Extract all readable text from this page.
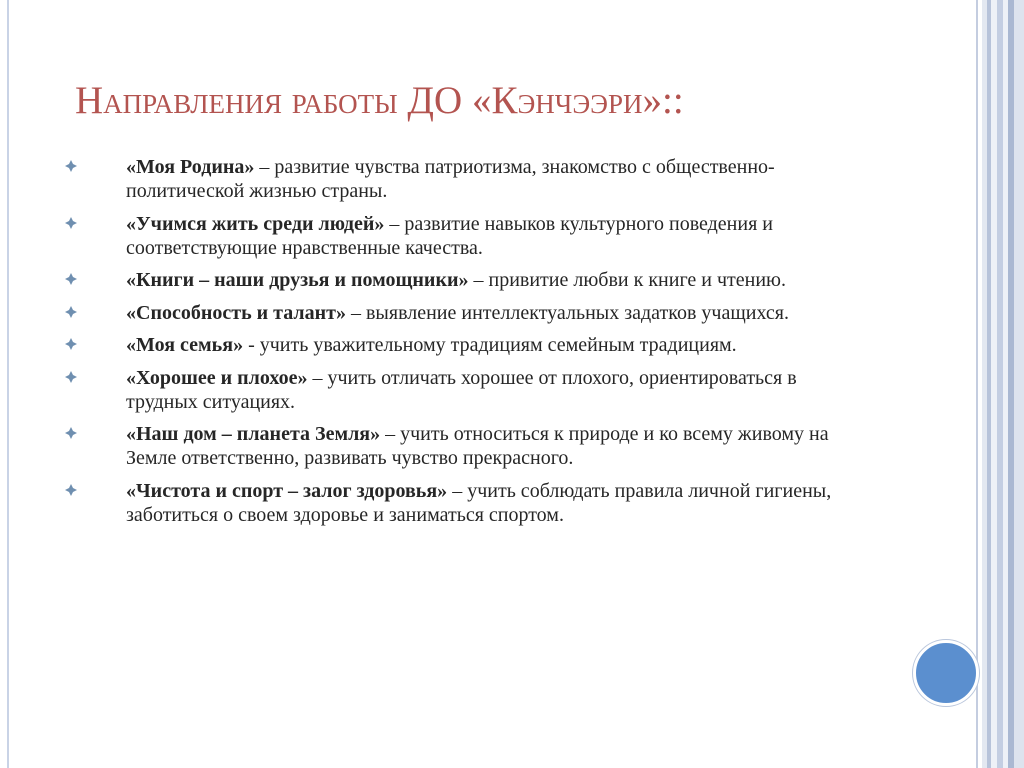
Направления работы ДО «Кэнчээри»::
«Моя Родина» – развитие чувства патриотизма, знакомство с общественно-политической жизнью страны.
«Учимся жить среди людей» – развитие навыков культурного поведения и соответствующие нравственные качества.
«Книги – наши друзья и помощники» – привитие любви к книге и чтению.
«Способность и талант» – выявление интеллектуальных задатков учащихся.
«Моя семья» - учить уважительному традициям семейным традициям.
«Хорошее и плохое» – учить отличать хорошее от плохого, ориентироваться в трудных ситуациях.
«Наш дом – планета Земля» – учить относиться к природе и ко всему живому на Земле ответственно, развивать чувство прекрасного.
«Чистота и спорт – залог здоровья» – учить соблюдать правила личной гигиены, заботиться о своем здоровье и заниматься спортом.
